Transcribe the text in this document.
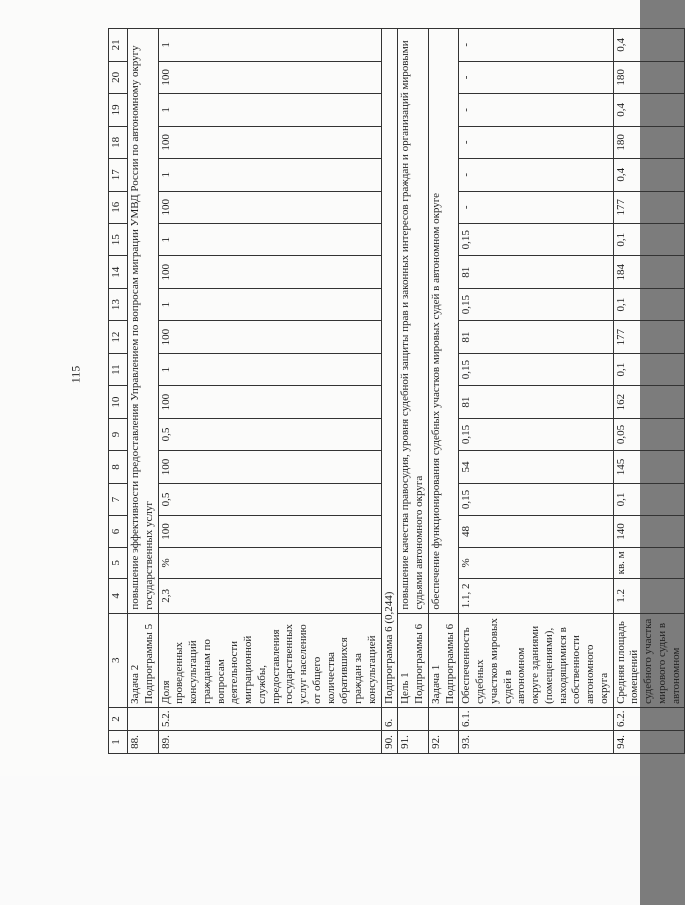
115
1	2	3	4	5	6	7	8	9	10	11	12	13	14	15	16	17	18	19	20	21
88.		Задача 2 Подпрограммы 5	повышение эффективности предоставления Управлением по вопросам миграции УМВД России по автономному округу государственных услуг																	
89.	5.2.	Доля проведенных консультаций гражданам по вопросам деятельности миграционной службы, предоставления государственных услуг населению от общего количества обратившихся граждан за консультацией	2,3	%	100	0,5	100	0,5	100	1	100	1	100	1	100	1	100	1	100	1
90.	6.	Подпрограмма 6 (0,244)																		
91.		Цель 1 Подпрограммы 6	повышение качества правосудия, уровня судебной защиты прав и законных интересов граждан и организаций мировыми судьями автономного округа																	
92.		Задача 1 Подпрограммы 6	обеспечение функционирования судебных участков мировых судей в автономном округе																	
93.	6.1.	Обеспеченность судебных участков мировых судей в автономном округе зданиями (помещениями), находящимися в собственности автономного округа	1.1, 2	%	48	0,15	54	0,15	81	0,15	81	0,15	81	0,15	-	-	-	-	-	-
94.	6.2.	Средняя площадь помещений судебного участка мирового судьи в автономном	1.2	кв. м	140	0,1	145	0,05	162	0,1	177	0,1	184	0,1	177	0,4	180	0,4	180	0,4
